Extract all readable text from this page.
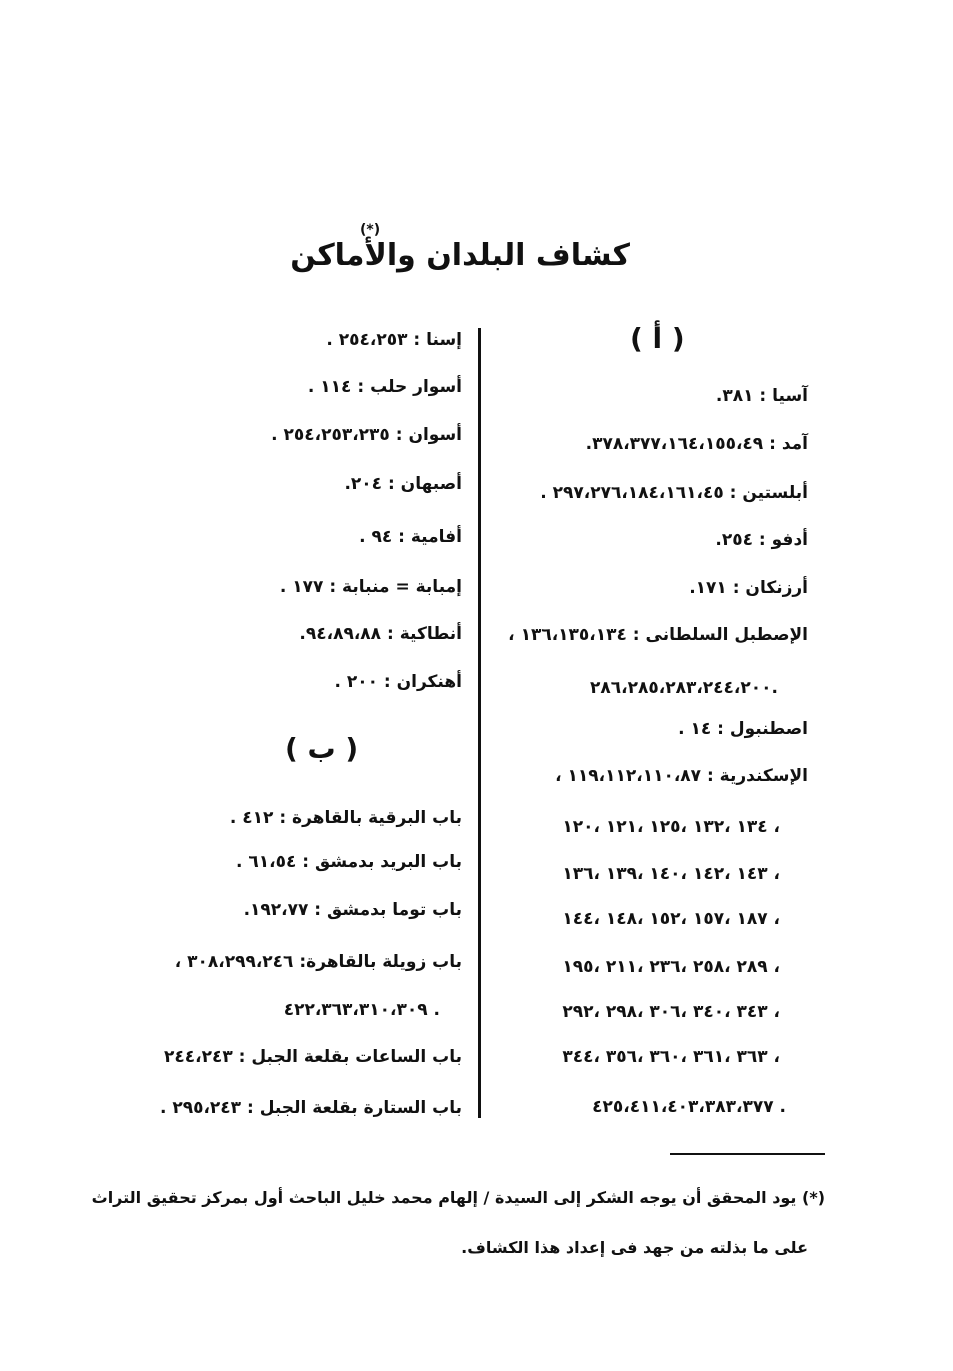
كشاف البلدان والأماكن
(*)
( أ )
آسيا : ٣٨١.
آمد : ٣٧٨،٣٧٧،١٦٤،١٥٥،٤٩.
أبلستين : ٢٩٧،٢٧٦،١٨٤،١٦١،٤٥ .
أدفو : ٢٥٤.
أرزنكان : ١٧١.
الإصطبل السلطانى : ١٣٦،١٣٥،١٣٤ ،
٢٨٦،٢٨٥،٢٨٣،٢٤٤،٢٠٠.
اصطنبول : ١٤ .
الإسكندرية : ١١٩،١١٢،١١٠،٨٧ ،
١٣٤ ،١٣٢ ،١٢٥ ،١٢١ ،١٢٠ ،
١٤٣ ،١٤٢ ،١٤٠ ،١٣٩ ،١٣٦ ،
١٨٧ ،١٥٧ ،١٥٢ ،١٤٨ ،١٤٤ ،
٢٨٩ ،٢٥٨ ،٢٣٦ ،٢١١ ،١٩٥ ،
٣٤٣ ،٣٤٠ ،٣٠٦ ،٢٩٨ ،٢٩٢ ،
٣٦٣ ،٣٦١ ،٣٦٠ ،٣٥٦ ،٣٤٤ ،
٤٢٥،٤١١،٤٠٣،٣٨٣،٣٧٧ .
إسنا : ٢٥٤،٢٥٣ .
أسوار حلب : ١١٤ .
أسوان : ٢٥٤،٢٥٣،٢٣٥ .
أصبهان : ٢٠٤.
أفامية : ٩٤ .
إمبابة = منبابة : ١٧٧ .
أنطاكية : ٩٤،٨٩،٨٨.
أهنكران : ٢٠٠ .
( ب )
باب البرقية بالقاهرة : ٤١٢ .
باب البريد بدمشق : ٦١،٥٤ .
باب توما بدمشق : ١٩٢،٧٧.
باب زويلة بالقاهرة: ٣٠٨،٢٩٩،٢٤٦ ،
٤٢٢،٣٦٣،٣١٠،٣٠٩ .
باب الساعات بقلعة الجبل : ٢٤٤،٢٤٣
باب الستارة بقلعة الجبل : ٢٩٥،٢٤٣ .
(*) يود المحقق أن يوجه الشكر إلى السيدة / إلهام محمد خليل الباحث أول بمركز تحقيق التراث
على ما بذلته من جهد فى إعداد هذا الكشاف.
